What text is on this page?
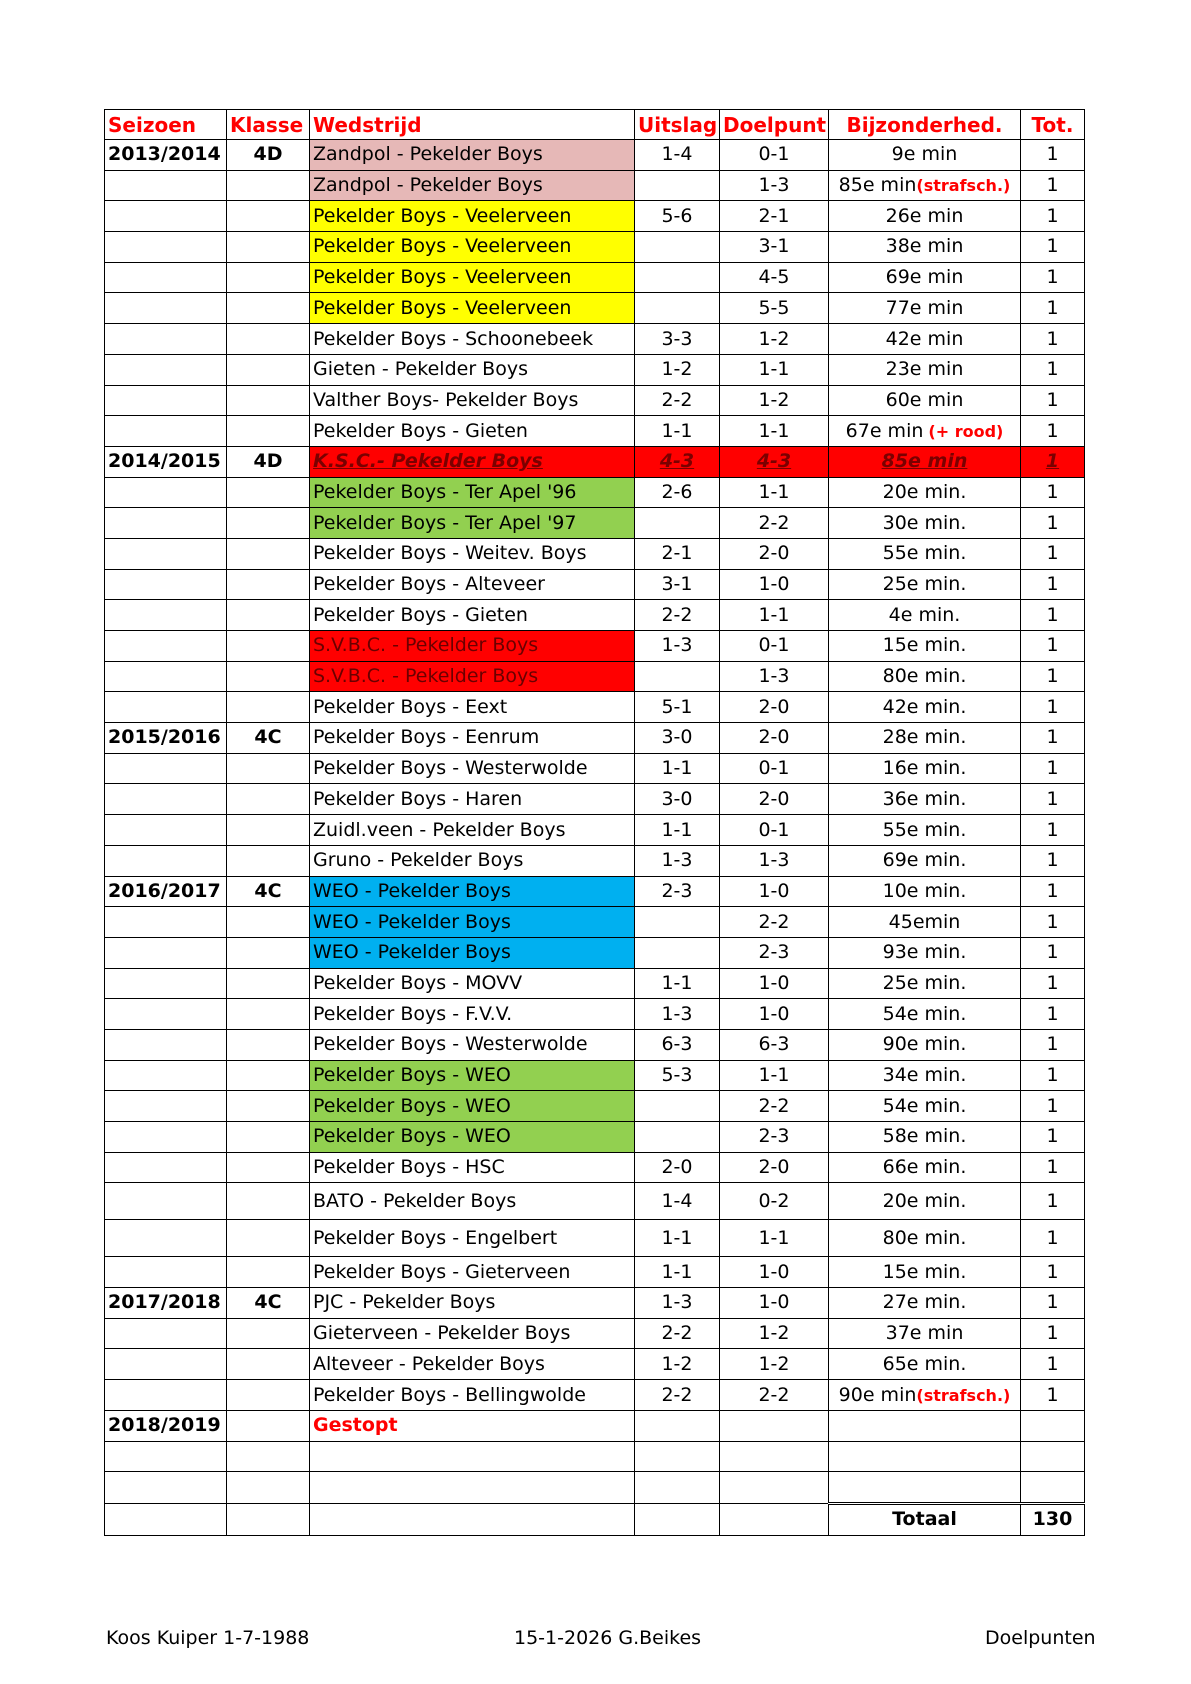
Seizoen	Klasse	Wedstrijd	Uitslag	Doelpunt	Bijzonderhed.	Tot.
2013/2014	4D	Zandpol - Pekelder Boys	1-4	0-1	9e min	1
		Zandpol - Pekelder Boys		1-3	85e min(strafsch.)	1
		Pekelder Boys - Veelerveen	5-6	2-1	26e min	1
		Pekelder Boys - Veelerveen		3-1	38e min	1
		Pekelder Boys - Veelerveen		4-5	69e min	1
		Pekelder Boys - Veelerveen		5-5	77e min	1
		Pekelder Boys - Schoonebeek	3-3	1-2	42e min	1
		Gieten - Pekelder Boys	1-2	1-1	23e min	1
		Valther Boys- Pekelder Boys	2-2	1-2	60e min	1
		Pekelder Boys - Gieten	1-1	1-1	67e min (+ rood)	1
2014/2015	4D	K.S.C.- Pekelder Boys	4-3	4-3	85e min	1
		Pekelder Boys - Ter Apel '96	2-6	1-1	20e min.	1
		Pekelder Boys - Ter Apel '97		2-2	30e min.	1
		Pekelder Boys - Weitev. Boys	2-1	2-0	55e min.	1
		Pekelder Boys - Alteveer	3-1	1-0	25e min.	1
		Pekelder Boys - Gieten	2-2	1-1	4e min.	1
		S.V.B.C. - Pekelder Boys	1-3	0-1	15e min.	1
		S.V.B.C. - Pekelder Boys		1-3	80e min.	1
		Pekelder Boys - Eext	5-1	2-0	42e min.	1
2015/2016	4C	Pekelder Boys - Eenrum	3-0	2-0	28e min.	1
		Pekelder Boys - Westerwolde	1-1	0-1	16e min.	1
		Pekelder Boys - Haren	3-0	2-0	36e min.	1
		Zuidl.veen - Pekelder Boys	1-1	0-1	55e min.	1
		Gruno - Pekelder Boys	1-3	1-3	69e min.	1
2016/2017	4C	WEO - Pekelder Boys	2-3	1-0	10e min.	1
		WEO - Pekelder Boys		2-2	45emin	1
		WEO - Pekelder Boys		2-3	93e min.	1
		Pekelder Boys - MOVV	1-1	1-0	25e min.	1
		Pekelder Boys - F.V.V.	1-3	1-0	54e min.	1
		Pekelder Boys - Westerwolde	6-3	6-3	90e min.	1
		Pekelder Boys - WEO	5-3	1-1	34e min.	1
		Pekelder Boys - WEO		2-2	54e min.	1
		Pekelder Boys - WEO		2-3	58e min.	1
		Pekelder Boys - HSC	2-0	2-0	66e min.	1
		BATO - Pekelder Boys	1-4	0-2	20e min.	1
		Pekelder Boys - Engelbert	1-1	1-1	80e min.	1
		Pekelder Boys - Gieterveen	1-1	1-0	15e min.	1
2017/2018	4C	PJC - Pekelder Boys	1-3	1-0	27e min.	1
		Gieterveen - Pekelder Boys	2-2	1-2	37e min	1
		Alteveer - Pekelder Boys	1-2	1-2	65e min.	1
		Pekelder Boys - Bellingwolde	2-2	2-2	90e min(strafsch.)	1
2018/2019		Gestopt				

					Totaal	130
Koos Kuiper 1-7-1988	15-1-2026 G.Beikes	Doelpunten
